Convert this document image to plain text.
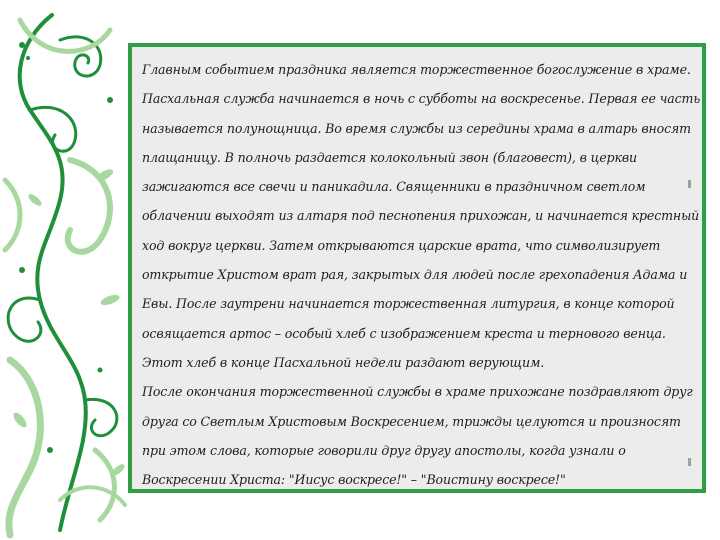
Главным событием праздника является торжественное богослужение в храме. Пасхальная служба начинается в ночь с субботы на воскресенье. Первая ее часть называется полунощница. Во время службы из середины храма в алтарь вносят плащаницу. В полночь раздается колокольный звон (благовест), в церкви зажигаются все свечи и паникадила. Священники в праздничном светлом облачении выходят из алтаря под песнопения прихожан, и начинается крестный ход вокруг церкви. Затем открываются царские врата, что символизирует открытие Христом врат рая, закрытых для людей после грехопадения Адама и Евы. После заутрени начинается торжественная литургия, в конце которой освящается артос – особый хлеб с изображением креста и тернового венца. Этот хлеб в конце Пасхальной недели раздают верующим.

После окончания торжественной службы в храме прихожане поздравляют друг друга со Светлым Христовым Воскресением, трижды целуются и произносят при этом слова, которые говорили друг другу апостолы, когда узнали о Воскресении Христа: "Иисус воскресе!" – "Воистину воскресе!"
